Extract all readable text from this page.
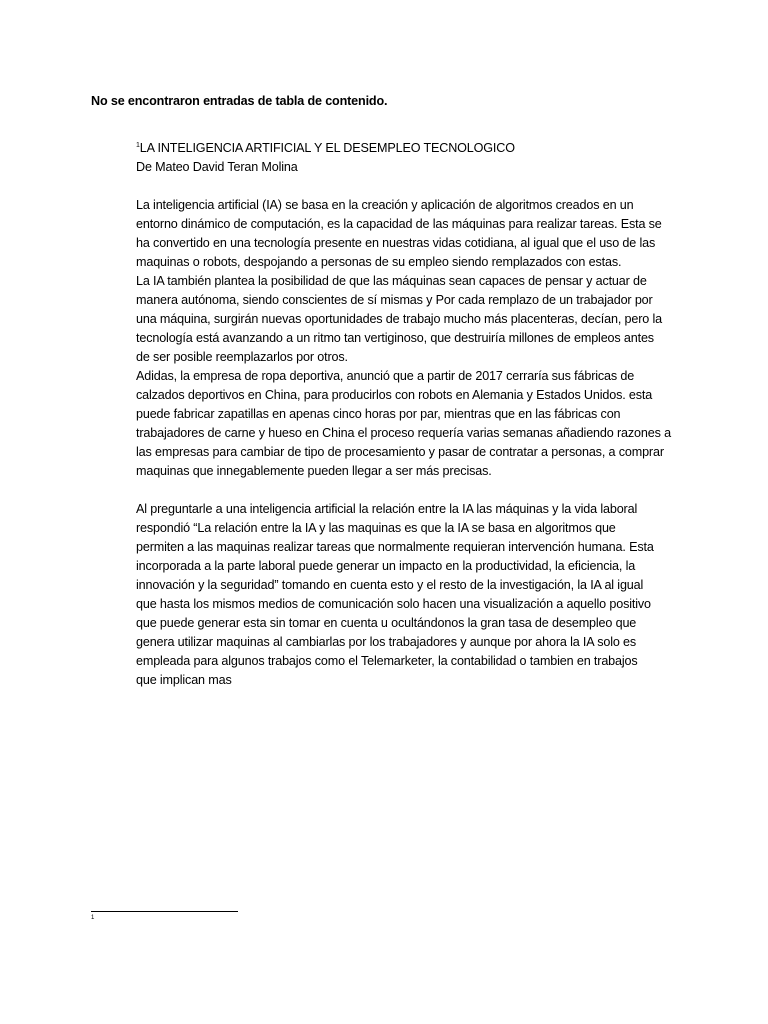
No se encontraron entradas de tabla de contenido.
$^1$LA INTELIGENCIA ARTIFICIAL Y EL DESEMPLEO TECNOLOGICO
De Mateo David Teran Molina
La inteligencia artificial (IA) se basa en la creación y aplicación de algoritmos creados en un
entorno dinámico de computación, es la capacidad de las máquinas para realizar tareas. Esta se
ha convertido en una tecnología presente en nuestras vidas cotidiana, al igual que el uso de las
maquinas o robots, despojando a personas de su empleo siendo remplazados con estas.
La IA también plantea la posibilidad de que las máquinas sean capaces de pensar y actuar de
manera autónoma, siendo conscientes de sí mismas y Por cada remplazo de un trabajador por
una máquina, surgirán nuevas oportunidades de trabajo mucho más placenteras, decían, pero la
tecnología está avanzando a un ritmo tan vertiginoso, que destruiría millones de empleos antes
de ser posible reemplazarlos por otros.
Adidas, la empresa de ropa deportiva, anunció que a partir de 2017 cerraría sus fábricas de
calzados deportivos en China, para producirlos con robots en Alemania y Estados Unidos. esta
puede fabricar zapatillas en apenas cinco horas por par, mientras que en las fábricas con
trabajadores de carne y hueso en China el proceso requería varias semanas añadiendo razones a
las empresas para cambiar de tipo de procesamiento y pasar de contratar a personas, a comprar
maquinas que innegablemente pueden llegar a ser más precisas.
Al preguntarle a una inteligencia artificial la relación entre la IA las máquinas y la vida laboral
respondió “La relación entre la IA y las maquinas es que la IA se basa en algoritmos que
permiten a las maquinas realizar tareas que normalmente requieran intervención humana. Esta
incorporada a la parte laboral puede generar un impacto en la productividad, la eficiencia, la
innovación y la seguridad” tomando en cuenta esto y el resto de la investigación, la IA al igual
que hasta los mismos medios de comunicación solo hacen una visualización a aquello positivo
que puede generar esta sin tomar en cuenta u ocultándonos la gran tasa de desempleo que
genera utilizar maquinas al cambiarlas por los trabajadores y aunque por ahora la IA solo es
empleada para algunos trabajos como el Telemarketer, la contabilidad o tambien en trabajos
que implican mas
1
